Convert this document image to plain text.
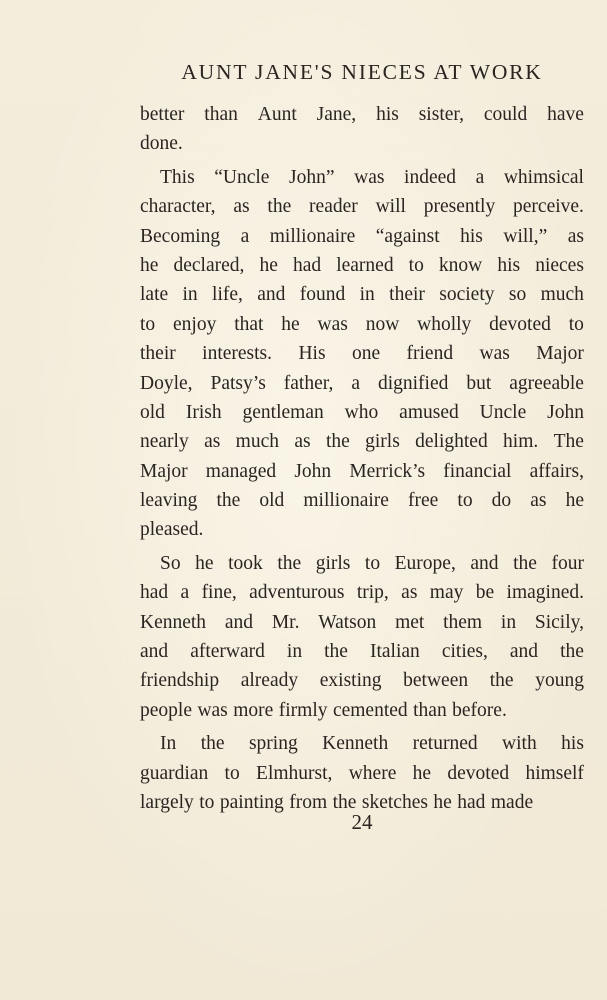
AUNT JANE'S NIECES AT WORK
better than Aunt Jane, his sister, could have
done.
This “Uncle John” was indeed a whimsical
character, as the reader will presently perceive.
Becoming a millionaire “against his will,” as
he declared, he had learned to know his nieces
late in life, and found in their society so much
to enjoy that he was now wholly devoted to
their interests. His one friend was Major
Doyle, Patsy’s father, a dignified but agreeable
old Irish gentleman who amused Uncle John
nearly as much as the girls delighted him. The
Major managed John Merrick’s financial affairs,
leaving the old millionaire free to do as he
pleased.
So he took the girls to Europe, and the four
had a fine, adventurous trip, as may be imagined.
Kenneth and Mr. Watson met them in Sicily,
and afterward in the Italian cities, and the
friendship already existing between the young
people was more firmly cemented than before.
In the spring Kenneth returned with his
guardian to Elmhurst, where he devoted himself
largely to painting from the sketches he had made
24
